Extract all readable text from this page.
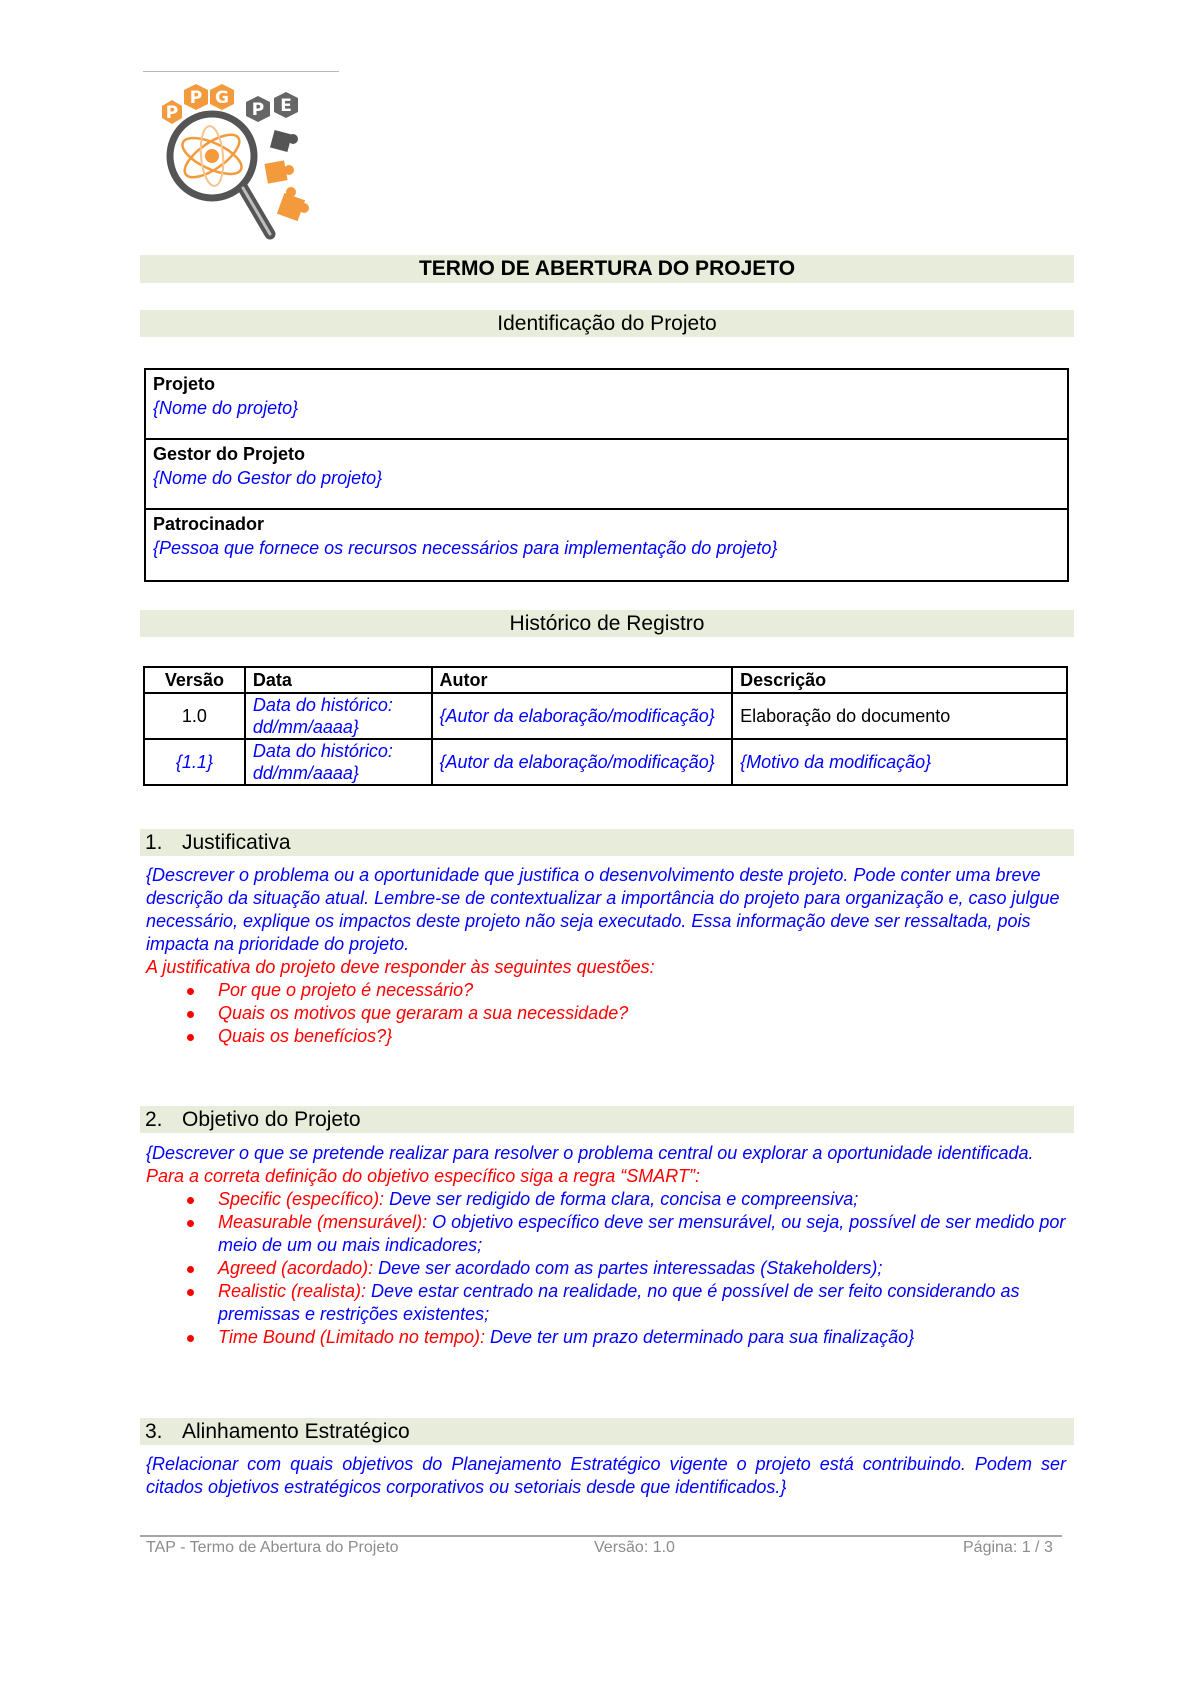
P
P G
P E
TERMO DE ABERTURA DO PROJETO
Identificação do Projeto
Projeto
{Nome do projeto}
Gestor do Projeto
{Nome do Gestor do projeto}
Patrocinador
{Pessoa que fornece os recursos necessários para implementação do projeto}
Histórico de Registro
Versão	Data	Autor	Descrição
1.0	Data do histórico: dd/mm/aaaa}	{Autor da elaboração/modificação}	Elaboração do documento
{1.1}	Data do histórico: dd/mm/aaaa}	{Autor da elaboração/modificação}	{Motivo da modificação}
1. Justificativa

{Descrever o problema ou a oportunidade que justifica o desenvolvimento deste projeto. Pode conter uma breve descrição da situação atual. Lembre-se de contextualizar a importância do projeto para organização e, caso julgue necessário, explique os impactos deste projeto não seja executado. Essa informação deve ser ressaltada, pois impacta na prioridade do projeto.

A justificativa do projeto deve responder às seguintes questões:

Por que o projeto é necessário?
Quais os motivos que geraram a sua necessidade?
Quais os benefícios?}
2. Objetivo do Projeto

{Descrever o que se pretende realizar para resolver o problema central ou explorar a oportunidade identificada.

Para a correta definição do objetivo específico siga a regra “SMART”:

Specific (específico): Deve ser redigido de forma clara, concisa e compreensiva;
Measurable (mensurável): O objetivo específico deve ser mensurável, ou seja, possível de ser medido por meio de um ou mais indicadores;
Agreed (acordado): Deve ser acordado com as partes interessadas (Stakeholders);
Realistic (realista): Deve estar centrado na realidade, no que é possível de ser feito considerando as premissas e restrições existentes;
Time Bound (Limitado no tempo): Deve ter um prazo determinado para sua finalização}
3. Alinhamento Estratégico

{Relacionar com quais objetivos do Planejamento Estratégico vigente o projeto está contribuindo. Podem ser citados objetivos estratégicos corporativos ou setoriais desde que identificados.}

TAP - Termo de Abertura do Projeto	Versão: 1.0	Página: 1 / 3
